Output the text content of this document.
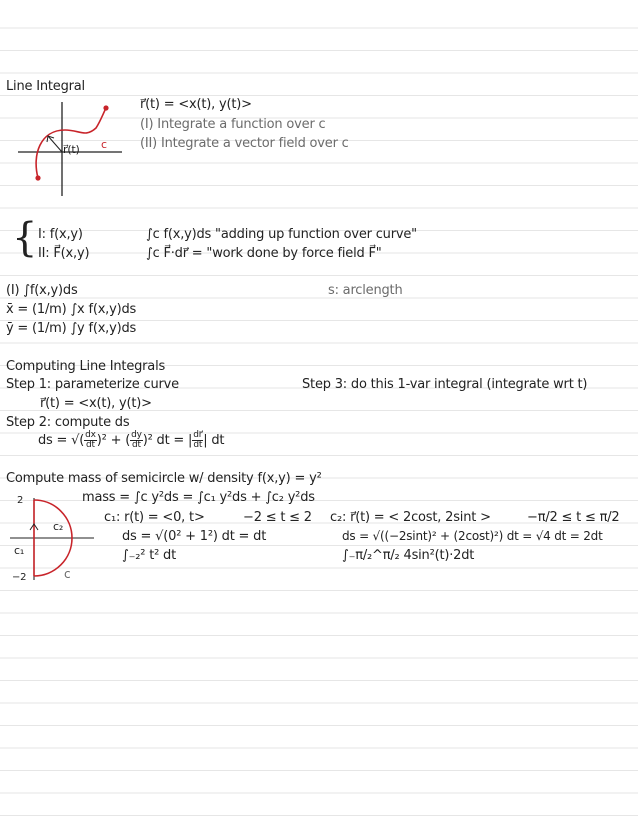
Line Integral
r⃗(t) = <x(t), y(t)>
(I) Integrate a function over c
(II) Integrate a vector field over c
r⃗(t) c
{ I: f(x,y)	∫c f(x,y)ds "adding up function over curve"
II: F⃗(x,y)	∫c F⃗·dr⃗ = "work done by force field F⃗"
(I) ∫f(x,y)ds	s: arclength
x̄ = (1/m) ∫x f(x,y)ds
ȳ = (1/m) ∫y f(x,y)ds
Computing Line Integrals
Step 1: parameterize curve	Step 3: do this 1-var integral (integrate wrt t)
r⃗(t) = <x(t), y(t)>
Step 2: compute ds
ds = √( $\frac{dx}{dt} )^2$ + ( $\frac{dy}{dt} )^2$ dt = | $\frac{dr⃗}{dt}$ | dt
Compute mass of semicircle w/ density f(x,y) = y²
mass = ∫c y²ds = ∫c₁ y²ds + ∫c₂ y²ds
c₁: r(t) = <0, t>	−2 ≤ t ≤ 2 c₂: r⃗(t) = < 2cost, 2sint >	−π/2 ≤ t ≤ π/2
ds = √(0² + 1²) dt = dt	ds = √((−2sint)² + (2cost)²) dt = √4 dt = 2dt
∫₋₂² t² dt	∫₋π/₂^π/₂ 4sin²(t)·2dt
2
−2
c₁
c₂
c
